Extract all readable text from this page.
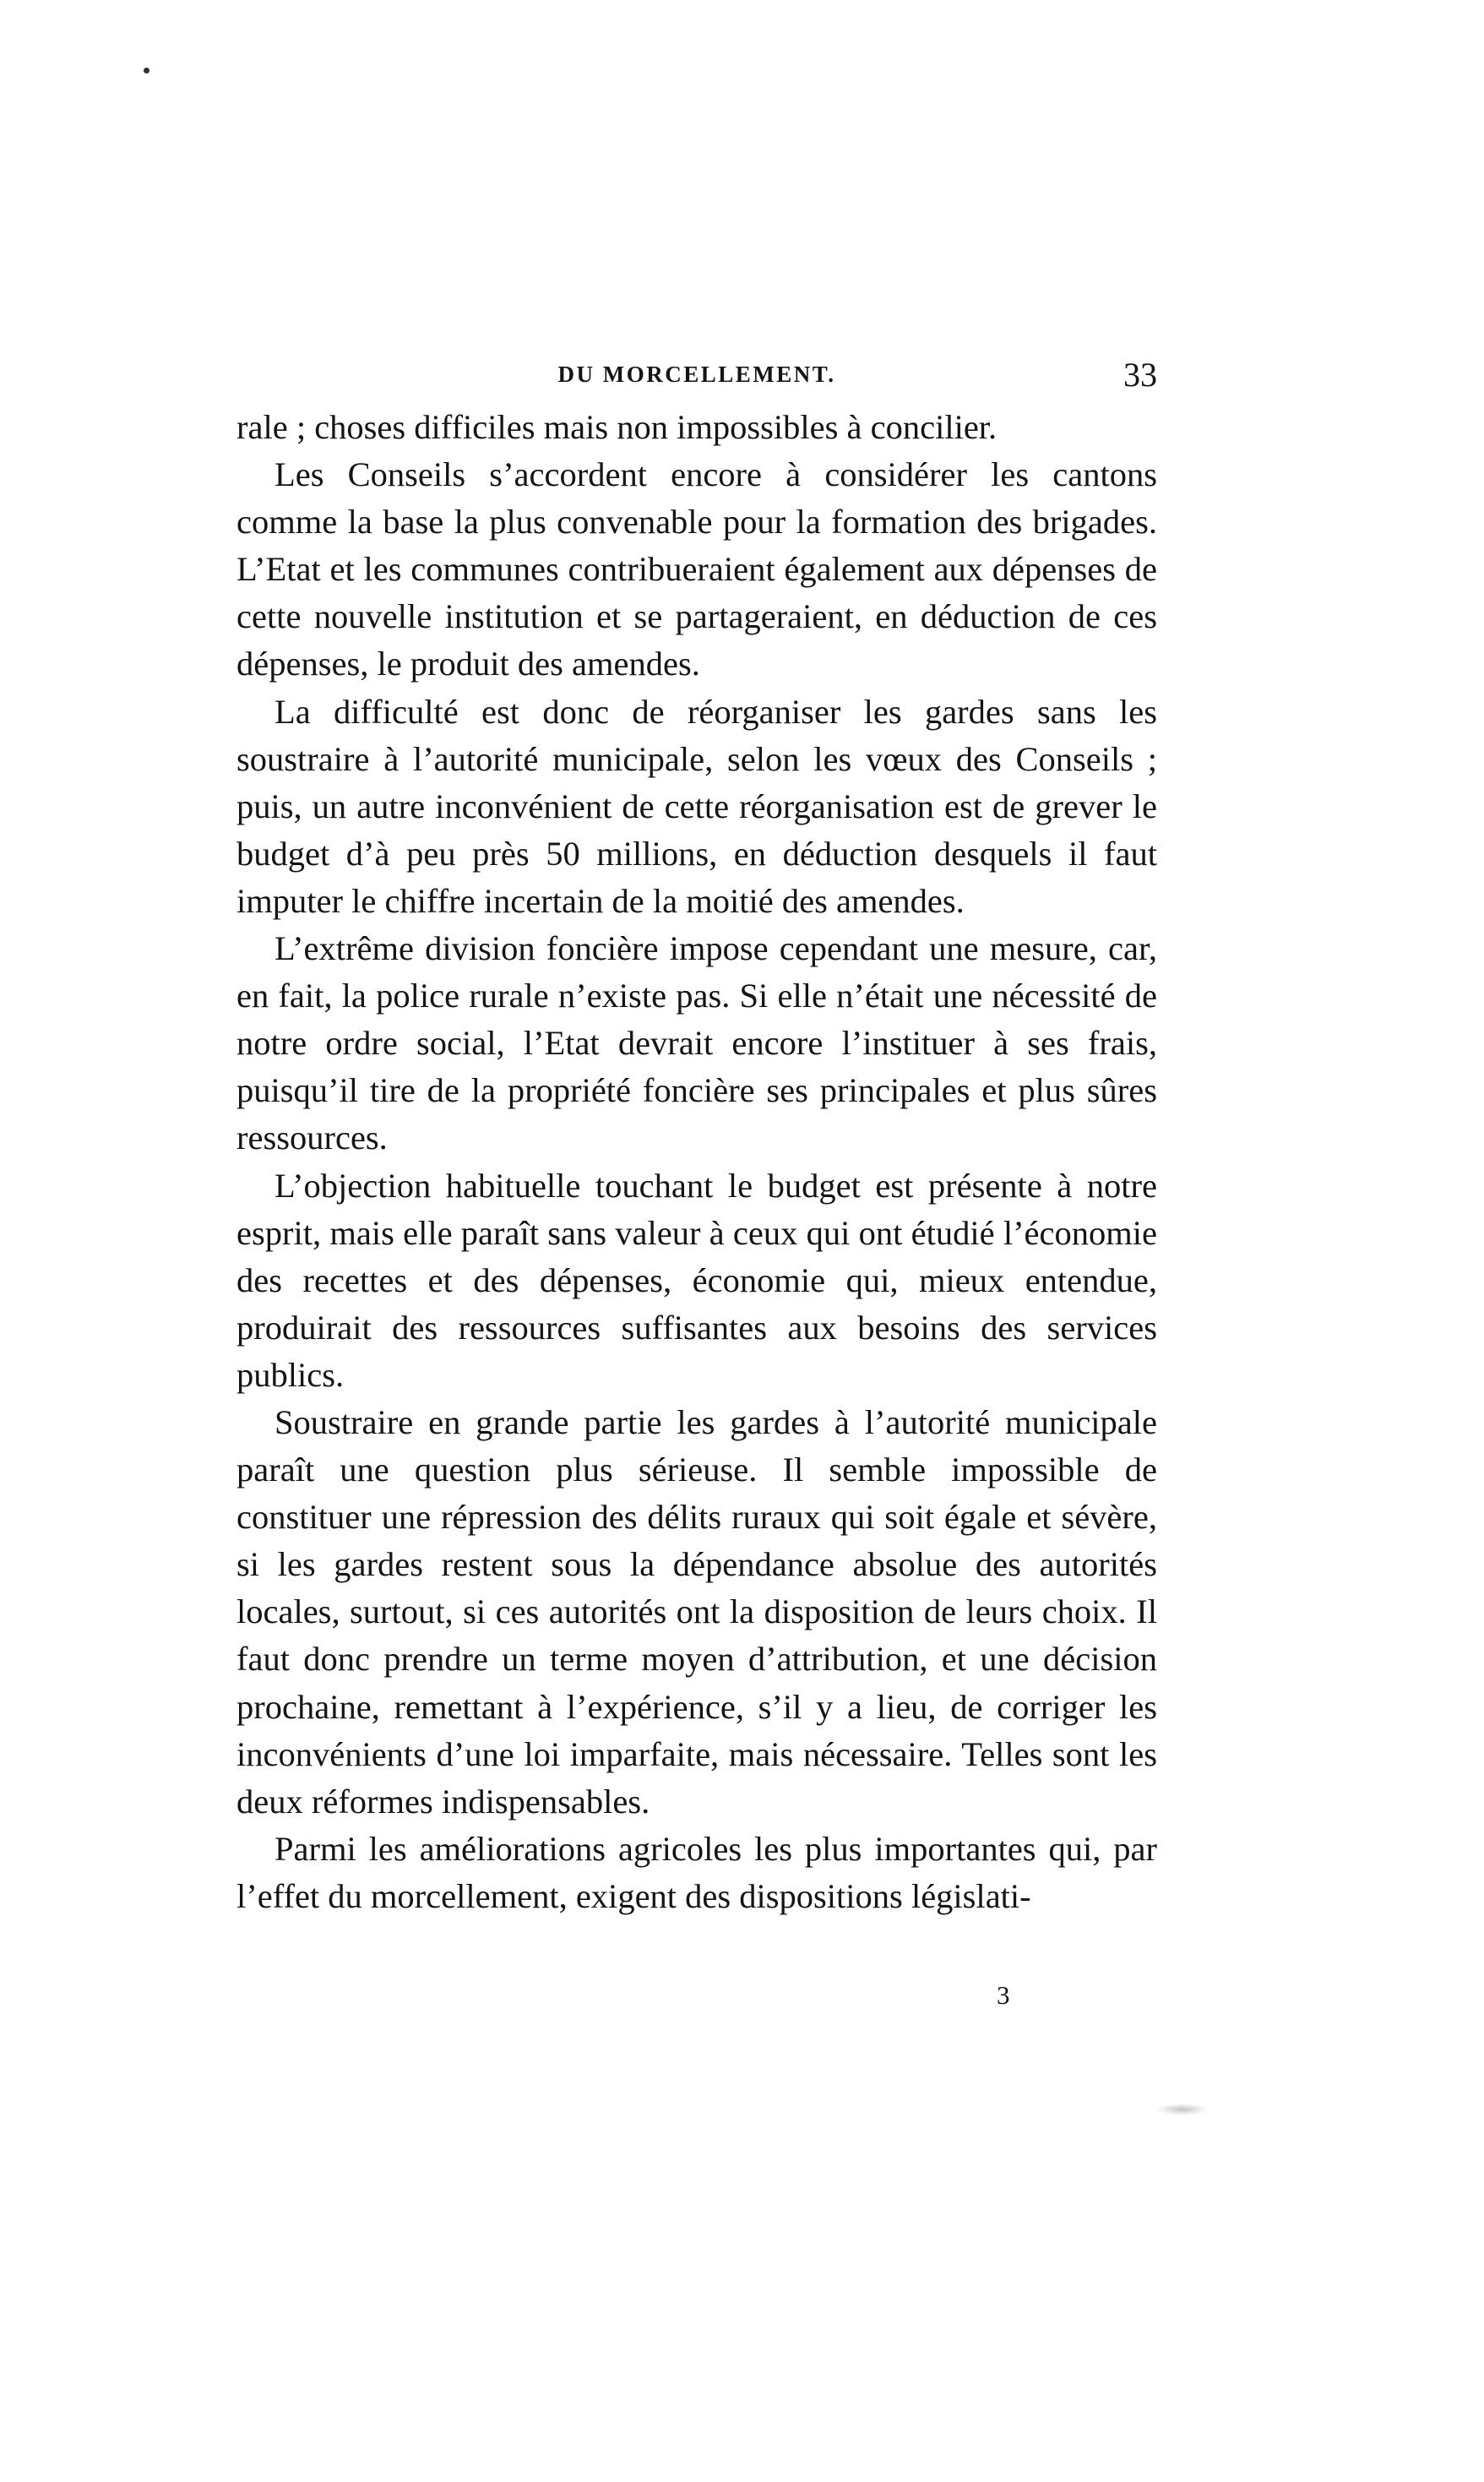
DU MORCELLEMENT.	33

rale ; choses difficiles mais non impossibles à concilier.

Les Conseils s’accordent encore à considérer les cantons comme la base la plus convenable pour la formation des brigades. L’Etat et les communes contribueraient également aux dépenses de cette nouvelle institution et se partageraient, en déduction de ces dépenses, le produit des amendes.

La difficulté est donc de réorganiser les gardes sans les soustraire à l’autorité municipale, selon les vœux des Conseils ; puis, un autre inconvénient de cette réorganisation est de grever le budget d’à peu près 50 millions, en déduction desquels il faut imputer le chiffre incertain de la moitié des amendes.

L’extrême division foncière impose cependant une mesure, car, en fait, la police rurale n’existe pas. Si elle n’était une nécessité de notre ordre social, l’Etat devrait encore l’instituer à ses frais, puisqu’il tire de la propriété foncière ses principales et plus sûres ressources.

L’objection habituelle touchant le budget est présente à notre esprit, mais elle paraît sans valeur à ceux qui ont étudié l’économie des recettes et des dépenses, économie qui, mieux entendue, produirait des ressources suffisantes aux besoins des services publics.

Soustraire en grande partie les gardes à l’autorité municipale paraît une question plus sérieuse. Il semble impossible de constituer une répression des délits ruraux qui soit égale et sévère, si les gardes restent sous la dépendance absolue des autorités locales, surtout, si ces autorités ont la disposition de leurs choix. Il faut donc prendre un terme moyen d’attribution, et une décision prochaine, remettant à l’expérience, s’il y a lieu, de corriger les inconvénients d’une loi imparfaite, mais nécessaire. Telles sont les deux réformes indispensables.

Parmi les améliorations agricoles les plus importantes qui, par l’effet du morcellement, exigent des dispositions législati-

3
